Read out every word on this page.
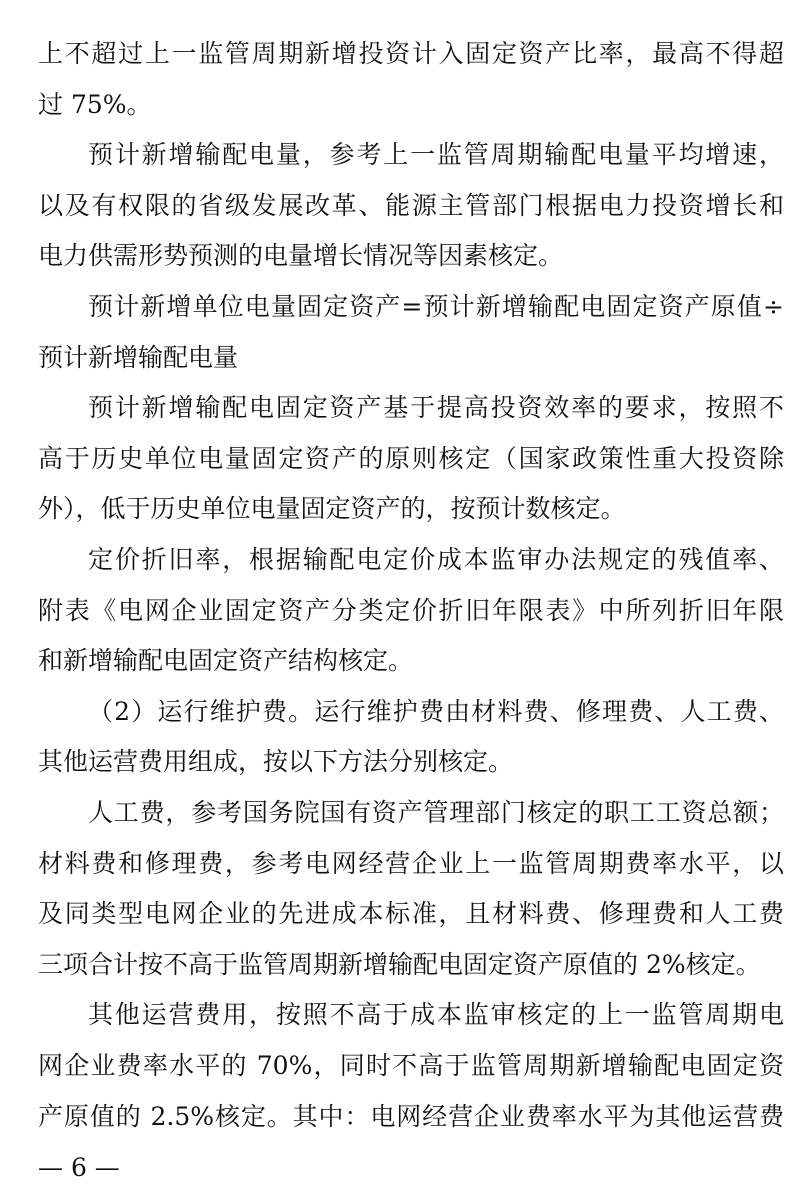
上不超过上一监管周期新增投资计入固定资产比率，最高不得超
过 75%。
预计新增输配电量，参考上一监管周期输配电量平均增速，
以及有权限的省级发展改革、能源主管部门根据电力投资增长和
电力供需形势预测的电量增长情况等因素核定。
预计新增单位电量固定资产=预计新增输配电固定资产原值÷
预计新增输配电量
预计新增输配电固定资产基于提高投资效率的要求，按照不
高于历史单位电量固定资产的原则核定（国家政策性重大投资除
外），低于历史单位电量固定资产的，按预计数核定。
定价折旧率，根据输配电定价成本监审办法规定的残值率、
附表《电网企业固定资产分类定价折旧年限表》中所列折旧年限
和新增输配电固定资产结构核定。
（2）运行维护费。运行维护费由材料费、修理费、人工费、
其他运营费用组成，按以下方法分别核定。
人工费，参考国务院国有资产管理部门核定的职工工资总额；
材料费和修理费，参考电网经营企业上一监管周期费率水平，以
及同类型电网企业的先进成本标准，且材料费、修理费和人工费
三项合计按不高于监管周期新增输配电固定资产原值的 2%核定。
其他运营费用，按照不高于成本监审核定的上一监管周期电
网企业费率水平的 70%，同时不高于监管周期新增输配电固定资
产原值的 2.5%核定。其中：电网经营企业费率水平为其他运营费
— 6 —
